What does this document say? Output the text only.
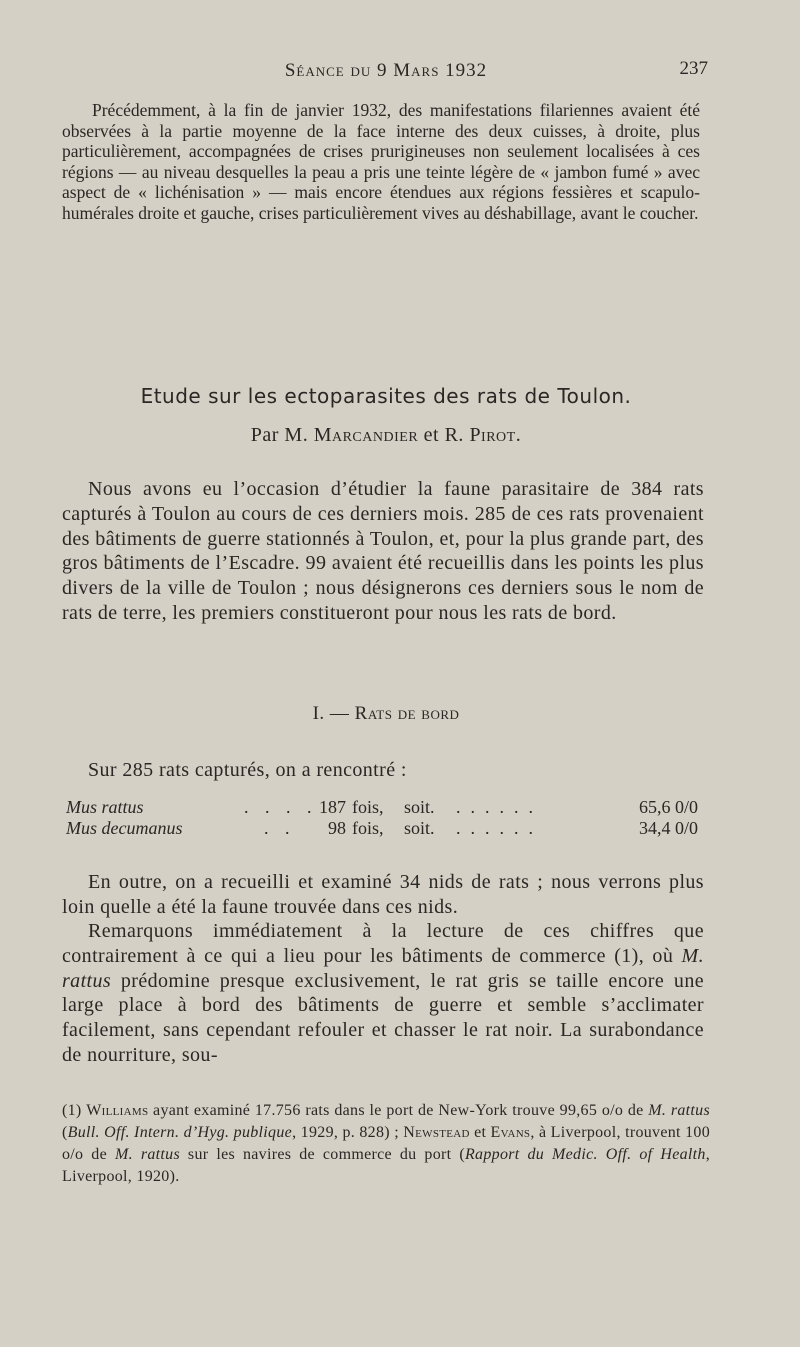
Séance du 9 Mars 1932	237

Précédemment, à la fin de janvier 1932, des manifestations filariennes avaient été observées à la partie moyenne de la face interne des deux cuisses, à droite, plus particulièrement, accompagnées de crises prurigineuses non seulement localisées à ces régions — au niveau desquelles la peau a pris une teinte légère de « jambon fumé » avec aspect de « lichénisation » — mais encore étendues aux régions fessières et scapulo-humérales droite et gauche, crises particulièrement vives au déshabillage, avant le coucher.

Etude sur les ectoparasites des rats de Toulon.
Par M. Marcandier et R. Pirot.

Nous avons eu l’occasion d’étudier la faune parasitaire de 384 rats capturés à Toulon au cours de ces derniers mois. 285 de ces rats provenaient des bâtiments de guerre stationnés à Toulon, et, pour la plus grande part, des gros bâtiments de l’Escadre. 99 avaient été recueillis dans les points les plus divers de la ville de Toulon ; nous désignerons ces derniers sous le nom de rats de terre, les premiers constitueront pour nous les rats de bord.

I. — Rats de bord

Sur 285 rats capturés, on a rencontré :

Mus rattus	. . . . 187 fois, soit. ......	65,6 0/0
Mus decumanus	. .	98 fois, soit. ......	34,4 0/0

En outre, on a recueilli et examiné 34 nids de rats ; nous verrons plus loin quelle a été la faune trouvée dans ces nids.

Remarquons immédiatement à la lecture de ces chiffres que contrairement à ce qui a lieu pour les bâtiments de commerce (1), où M. rattus prédomine presque exclusivement, le rat gris se taille encore une large place à bord des bâtiments de guerre et semble s’acclimater facilement, sans cependant refouler et chasser le rat noir. La surabondance de nourriture, sou-

(1) Williams ayant examiné 17.756 rats dans le port de New-York trouve 99,65 o/o de M. rattus (Bull. Off. Intern. d’Hyg. publique, 1929, p. 828) ; Newstead et Evans, à Liverpool, trouvent 100 o/o de M. rattus sur les navires de commerce du port (Rapport du Medic. Off. of Health, Liverpool, 1920).
